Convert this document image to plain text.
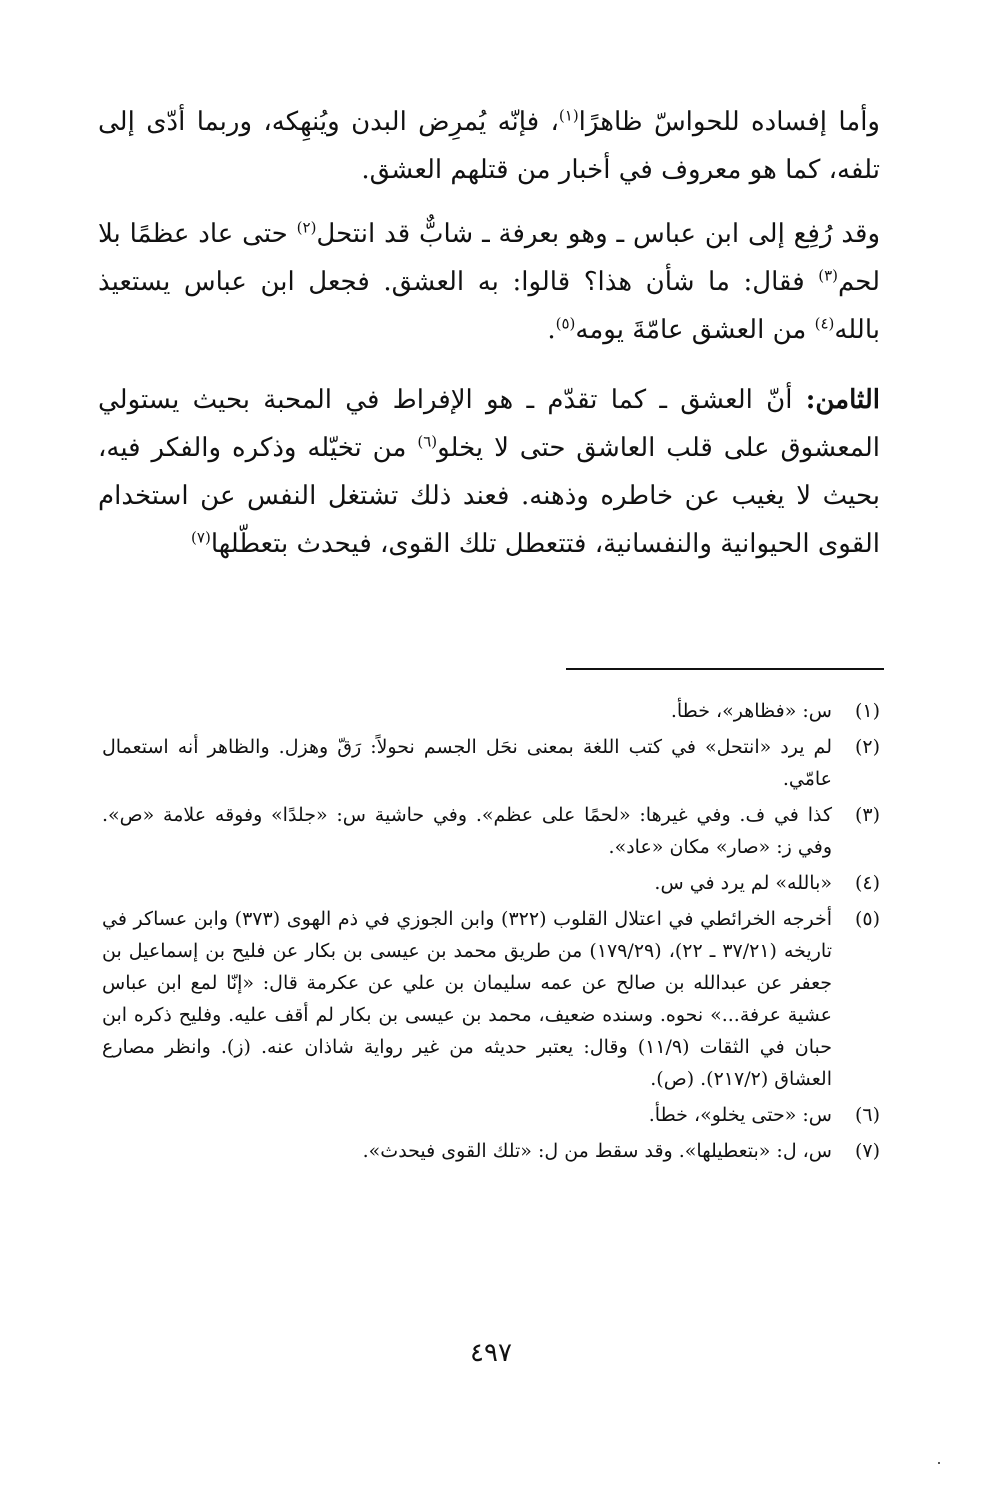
وأما إفساده للحواسّ ظاهرًا$^{(١)}$، فإنّه يُمرِض البدن ويُنهِكه، وربما أدّى إلى تلفه، كما هو معروف في أخبار من قتلهم العشق.

وقد رُفِع إلى ابن عباس ـ وهو بعرفة ـ شابٌّ قد انتحل$^{(٢)}$ حتى عاد عظمًا بلا لحم$^{(٣)}$ فقال: ما شأن هذا؟ قالوا: به العشق. فجعل ابن عباس يستعيذ بالله$^{(٤)}$ من العشق عامّةَ يومه$^{(٥)}$.

الثامن: أنّ العشق ـ كما تقدّم ـ هو الإفراط في المحبة بحيث يستولي المعشوق على قلب العاشق حتى لا يخلو$^{(٦)}$ من تخيّله وذكره والفكر فيه، بحيث لا يغيب عن خاطره وذهنه. فعند ذلك تشتغل النفس عن استخدام القوى الحيوانية والنفسانية، فتتعطل تلك القوى، فيحدث بتعطّلها$^{(٧)}$

(١)
س: «فظاهر»، خطأ.
(٢)
لم يرد «انتحل» في كتب اللغة بمعنى نحَل الجسم نحولاً: رَقّ وهزل. والظاهر أنه استعمال عامّي.
(٣)
كذا في ف. وفي غيرها: «لحمًا على عظم». وفي حاشية س: «جلدًا» وفوقه علامة «ص». وفي ز: «صار» مكان «عاد».
(٤)
«بالله» لم يرد في س.
(٥)
أخرجه الخرائطي في اعتلال القلوب (٣٢٢) وابن الجوزي في ذم الهوى (٣٧٣) وابن عساكر في تاريخه (٣٧/٢١ ـ ٢٢)، (١٧٩/٢٩) من طريق محمد بن عيسى بن بكار عن فليح بن إسماعيل بن جعفر عن عبدالله بن صالح عن عمه سليمان بن علي عن عكرمة قال: «إنّا لمع ابن عباس عشية عرفة...» نحوه. وسنده ضعيف، محمد بن عيسى بن بكار لم أقف عليه. وفليح ذكره ابن حبان في الثقات (١١/٩) وقال: يعتبر حديثه من غير رواية شاذان عنه. (ز). وانظر مصارع العشاق (٢١٧/٢). (ص).
(٦)
س: «حتى يخلو»، خطأ.
(٧)
س، ل: «بتعطيلها». وقد سقط من ل: «تلك القوى فيحدث».
٤٩٧
